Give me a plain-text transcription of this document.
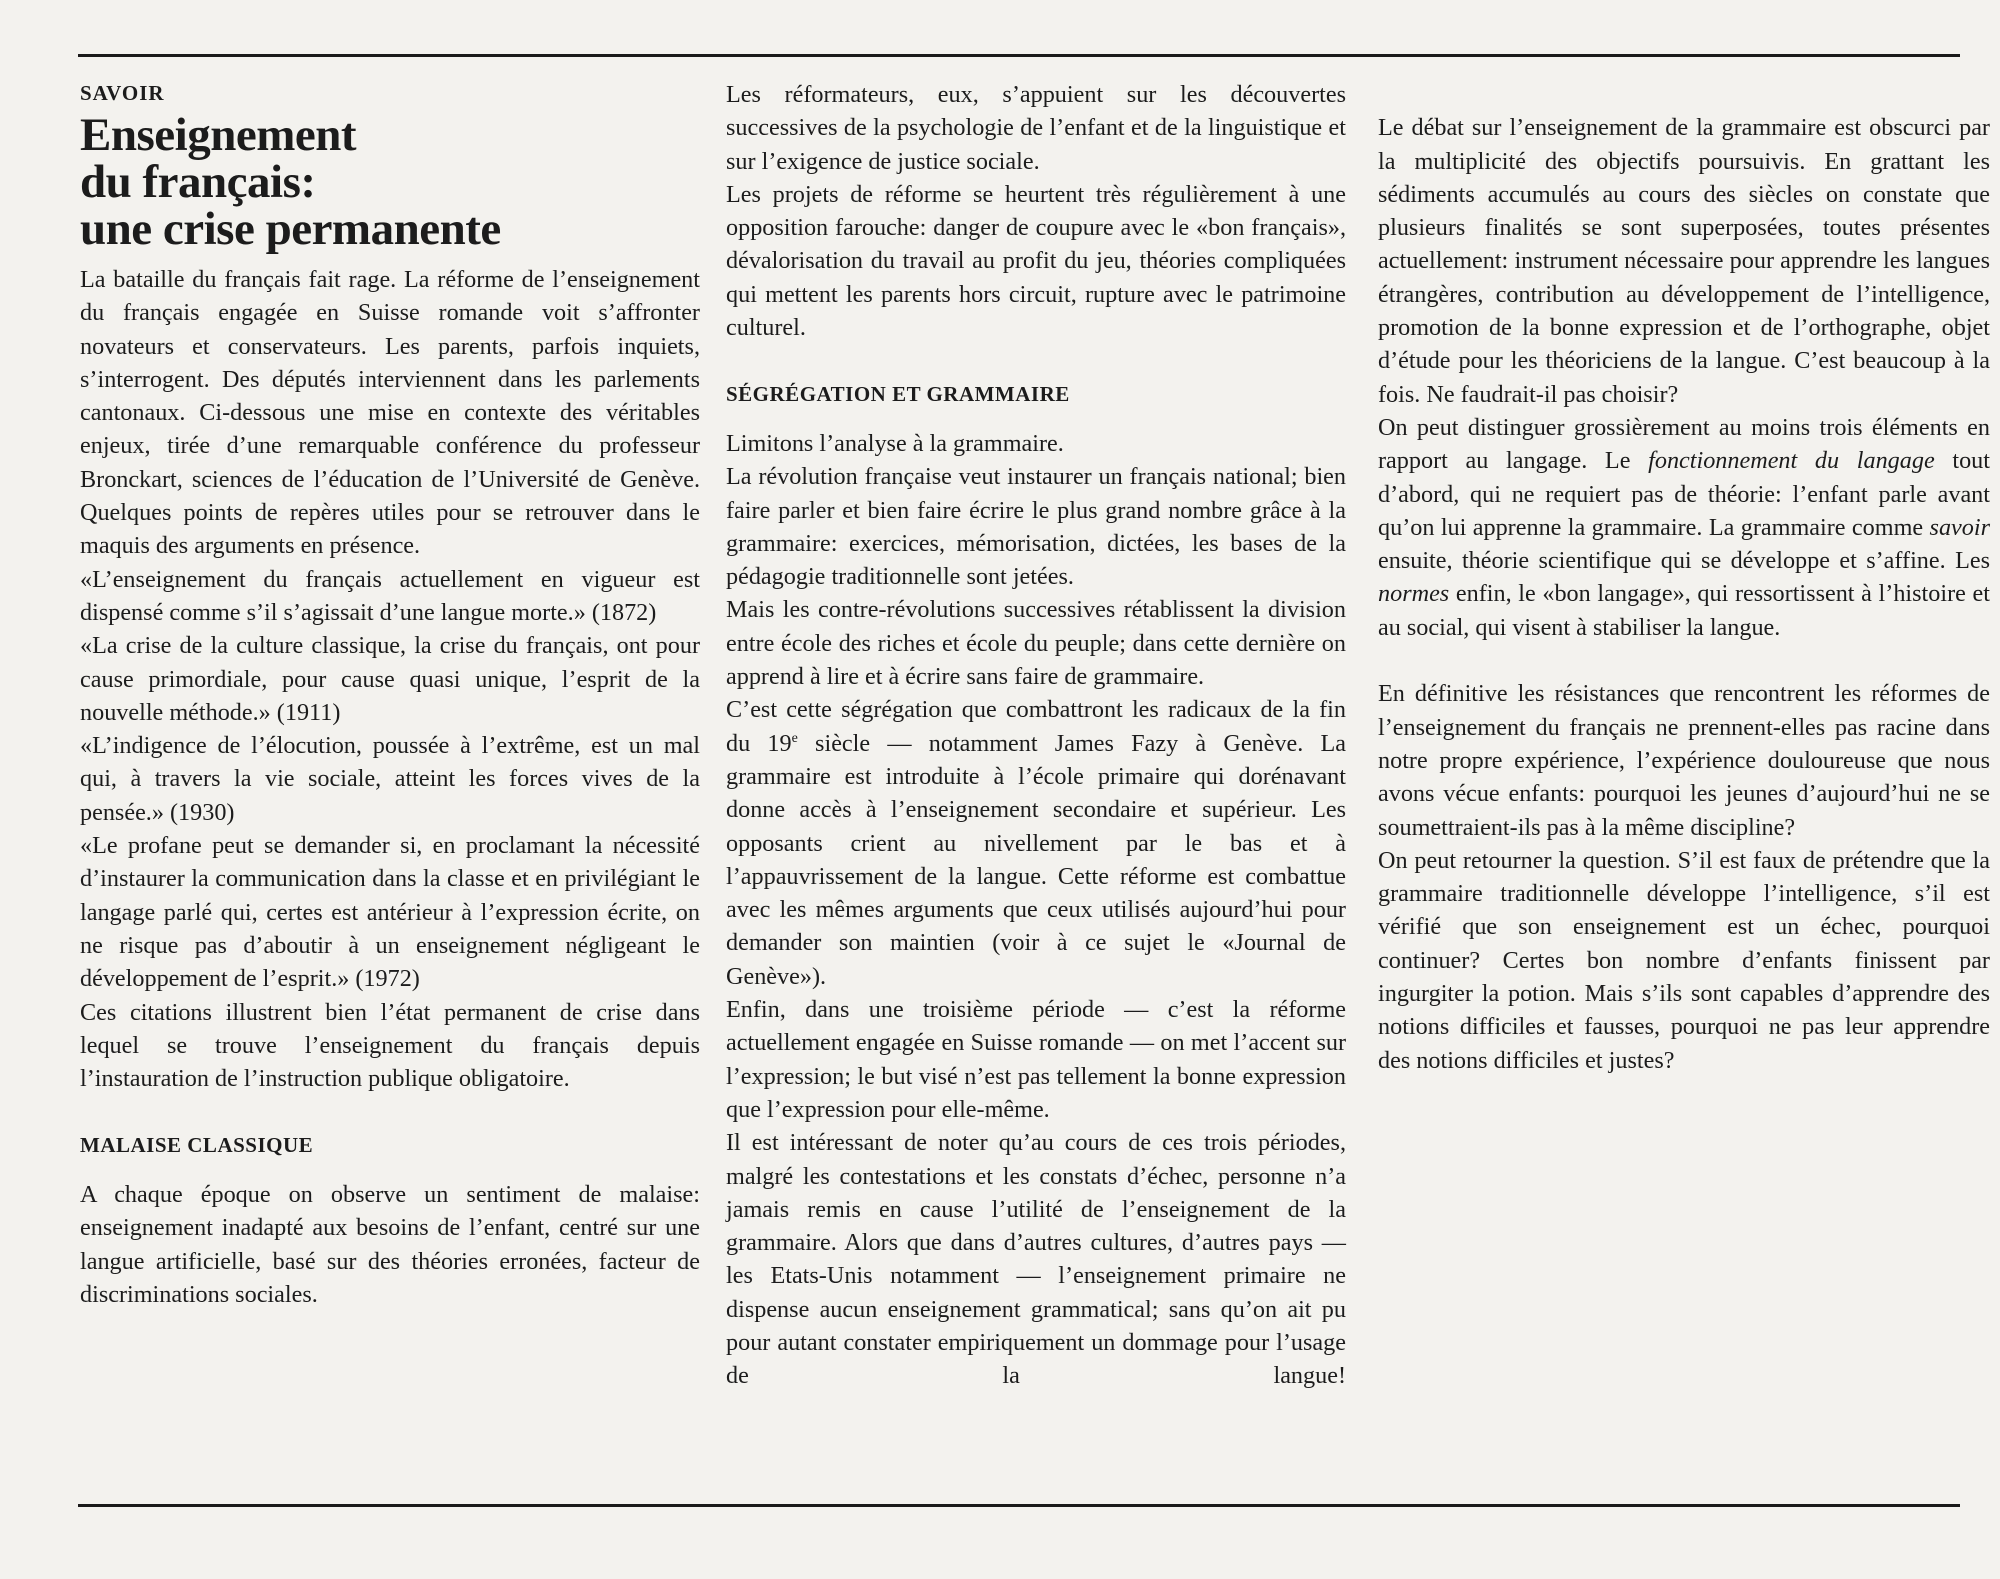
SAVOIR

Enseignement
du français:
une crise permanente

La bataille du français fait rage. La réforme de l’enseignement du français engagée en Suisse romande voit s’affronter novateurs et conservateurs. Les parents, parfois inquiets, s’interrogent. Des députés interviennent dans les parlements cantonaux. Ci-dessous une mise en contexte des véritables enjeux, tirée d’une remarquable conférence du professeur Bronckart, sciences de l’éducation de l’Université de Genève. Quelques points de repères utiles pour se retrouver dans le maquis des arguments en présence.

«L’enseignement du français actuellement en vigueur est dispensé comme s’il s’agissait d’une langue morte.» (1872)

«La crise de la culture classique, la crise du français, ont pour cause primordiale, pour cause quasi unique, l’esprit de la nouvelle méthode.» (1911)

«L’indigence de l’élocution, poussée à l’extrême, est un mal qui, à travers la vie sociale, atteint les forces vives de la pensée.» (1930)

«Le profane peut se demander si, en proclamant la nécessité d’instaurer la communication dans la classe et en privilégiant le langage parlé qui, certes est antérieur à l’expression écrite, on ne risque pas d’aboutir à un enseignement négligeant le développement de l’esprit.» (1972)

Ces citations illustrent bien l’état permanent de crise dans lequel se trouve l’enseignement du français depuis l’instauration de l’instruction publique obligatoire.

MALAISE CLASSIQUE

A chaque époque on observe un sentiment de malaise: enseignement inadapté aux besoins de l’enfant, centré sur une langue artificielle, basé sur des théories erronées, facteur de discriminations sociales.

Les réformateurs, eux, s’appuient sur les découvertes successives de la psychologie de l’enfant et de la linguistique et sur l’exigence de justice sociale.

Les projets de réforme se heurtent très régulièrement à une opposition farouche: danger de coupure avec le «bon français», dévalorisation du travail au profit du jeu, théories compliquées qui mettent les parents hors circuit, rupture avec le patrimoine culturel.

SÉGRÉGATION ET GRAMMAIRE

Limitons l’analyse à la grammaire.

La révolution française veut instaurer un français national; bien faire parler et bien faire écrire le plus grand nombre grâce à la grammaire: exercices, mémorisation, dictées, les bases de la pédagogie traditionnelle sont jetées.

Mais les contre-révolutions successives rétablissent la division entre école des riches et école du peuple; dans cette dernière on apprend à lire et à écrire sans faire de grammaire.

C’est cette ségrégation que combattront les radicaux de la fin du 19e siècle — notamment James Fazy à Genève. La grammaire est introduite à l’école primaire qui dorénavant donne accès à l’enseignement secondaire et supérieur. Les opposants crient au nivellement par le bas et à l’appauvrissement de la langue. Cette réforme est combattue avec les mêmes arguments que ceux utilisés aujourd’hui pour demander son maintien (voir à ce sujet le «Journal de Genève»).

Enfin, dans une troisième période — c’est la réforme actuellement engagée en Suisse romande — on met l’accent sur l’expression; le but visé n’est pas tellement la bonne expression que l’expression pour elle-même.

Il est intéressant de noter qu’au cours de ces trois périodes, malgré les contestations et les constats d’échec, personne n’a jamais remis en cause l’utilité de l’enseignement de la grammaire. Alors que dans d’autres cultures, d’autres pays — les Etats-Unis notamment — l’enseignement primaire ne dispense aucun enseignement grammatical; sans qu’on ait pu pour autant constater empiriquement un dommage pour l’usage de la langue!

Le débat sur l’enseignement de la grammaire est obscurci par la multiplicité des objectifs poursuivis. En grattant les sédiments accumulés au cours des siècles on constate que plusieurs finalités se sont superposées, toutes présentes actuellement: instrument nécessaire pour apprendre les langues étrangères, contribution au développement de l’intelligence, promotion de la bonne expression et de l’orthographe, objet d’étude pour les théoriciens de la langue. C’est beaucoup à la fois. Ne faudrait-il pas choisir?

On peut distinguer grossièrement au moins trois éléments en rapport au langage. Le fonctionnement du langage tout d’abord, qui ne requiert pas de théorie: l’enfant parle avant qu’on lui apprenne la grammaire. La grammaire comme savoir ensuite, théorie scientifique qui se développe et s’affine. Les normes enfin, le «bon langage», qui ressortissent à l’histoire et au social, qui visent à stabiliser la langue.

En définitive les résistances que rencontrent les réformes de l’enseignement du français ne prennent-elles pas racine dans notre propre expérience, l’expérience douloureuse que nous avons vécue enfants: pourquoi les jeunes d’aujourd’hui ne se soumettraient-ils pas à la même discipline?

On peut retourner la question. S’il est faux de prétendre que la grammaire traditionnelle développe l’intelligence, s’il est vérifié que son enseignement est un échec, pourquoi continuer? Certes bon nombre d’enfants finissent par ingurgiter la potion. Mais s’ils sont capables d’apprendre des notions difficiles et fausses, pourquoi ne pas leur apprendre des notions difficiles et justes?
